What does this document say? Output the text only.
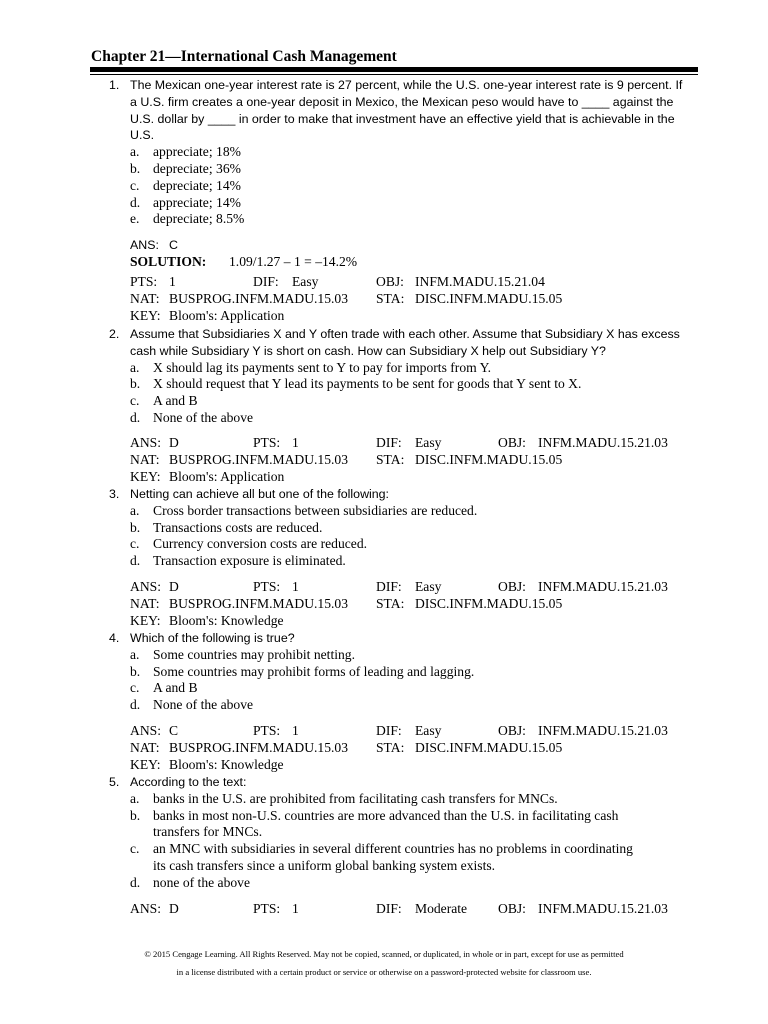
Chapter 21—International Cash Management
1. The Mexican one-year interest rate is 27 percent, while the U.S. one-year interest rate is 9 percent. If
a U.S. firm creates a one-year deposit in Mexico, the Mexican peso would have to ____ against the
U.S. dollar by ____ in order to make that investment have an effective yield that is achievable in the
U.S.
a. appreciate; 18%
b. depreciate; 36%
c. depreciate; 14%
d. appreciate; 14%
e. depreciate; 8.5%
ANS: C
SOLUTION: 1.09/1.27 – 1 = –14.2%
PTS: 1	DIF: Easy	OBJ: INFM.MADU.15.21.04
NAT: BUSPROG.INFM.MADU.15.03 STA: DISC.INFM.MADU.15.05
KEY: Bloom's: Application
2. Assume that Subsidiaries X and Y often trade with each other. Assume that Subsidiary X has excess
cash while Subsidiary Y is short on cash. How can Subsidiary X help out Subsidiary Y?
a. X should lag its payments sent to Y to pay for imports from Y.
b. X should request that Y lead its payments to be sent for goods that Y sent to X.
c. A and B
d. None of the above
ANS: D	PTS: 1	DIF: Easy	OBJ: INFM.MADU.15.21.03
NAT: BUSPROG.INFM.MADU.15.03 STA: DISC.INFM.MADU.15.05
KEY: Bloom's: Application
3. Netting can achieve all but one of the following:
a. Cross border transactions between subsidiaries are reduced.
b. Transactions costs are reduced.
c. Currency conversion costs are reduced.
d. Transaction exposure is eliminated.
ANS: D	PTS: 1	DIF: Easy	OBJ: INFM.MADU.15.21.03
NAT: BUSPROG.INFM.MADU.15.03 STA: DISC.INFM.MADU.15.05
KEY: Bloom's: Knowledge
4. Which of the following is true?
a. Some countries may prohibit netting.
b. Some countries may prohibit forms of leading and lagging.
c. A and B
d. None of the above
ANS: C	PTS: 1	DIF: Easy	OBJ: INFM.MADU.15.21.03
NAT: BUSPROG.INFM.MADU.15.03 STA: DISC.INFM.MADU.15.05
KEY: Bloom's: Knowledge
5. According to the text:
a. banks in the U.S. are prohibited from facilitating cash transfers for MNCs.
b. banks in most non-U.S. countries are more advanced than the U.S. in facilitating cash
transfers for MNCs.
c. an MNC with subsidiaries in several different countries has no problems in coordinating
its cash transfers since a uniform global banking system exists.
d. none of the above
ANS: D	PTS: 1	DIF: Moderate OBJ: INFM.MADU.15.21.03
© 2015 Cengage Learning. All Rights Reserved. May not be copied, scanned, or duplicated, in whole or in part, except for use as permitted
in a license distributed with a certain product or service or otherwise on a password-protected website for classroom use.
